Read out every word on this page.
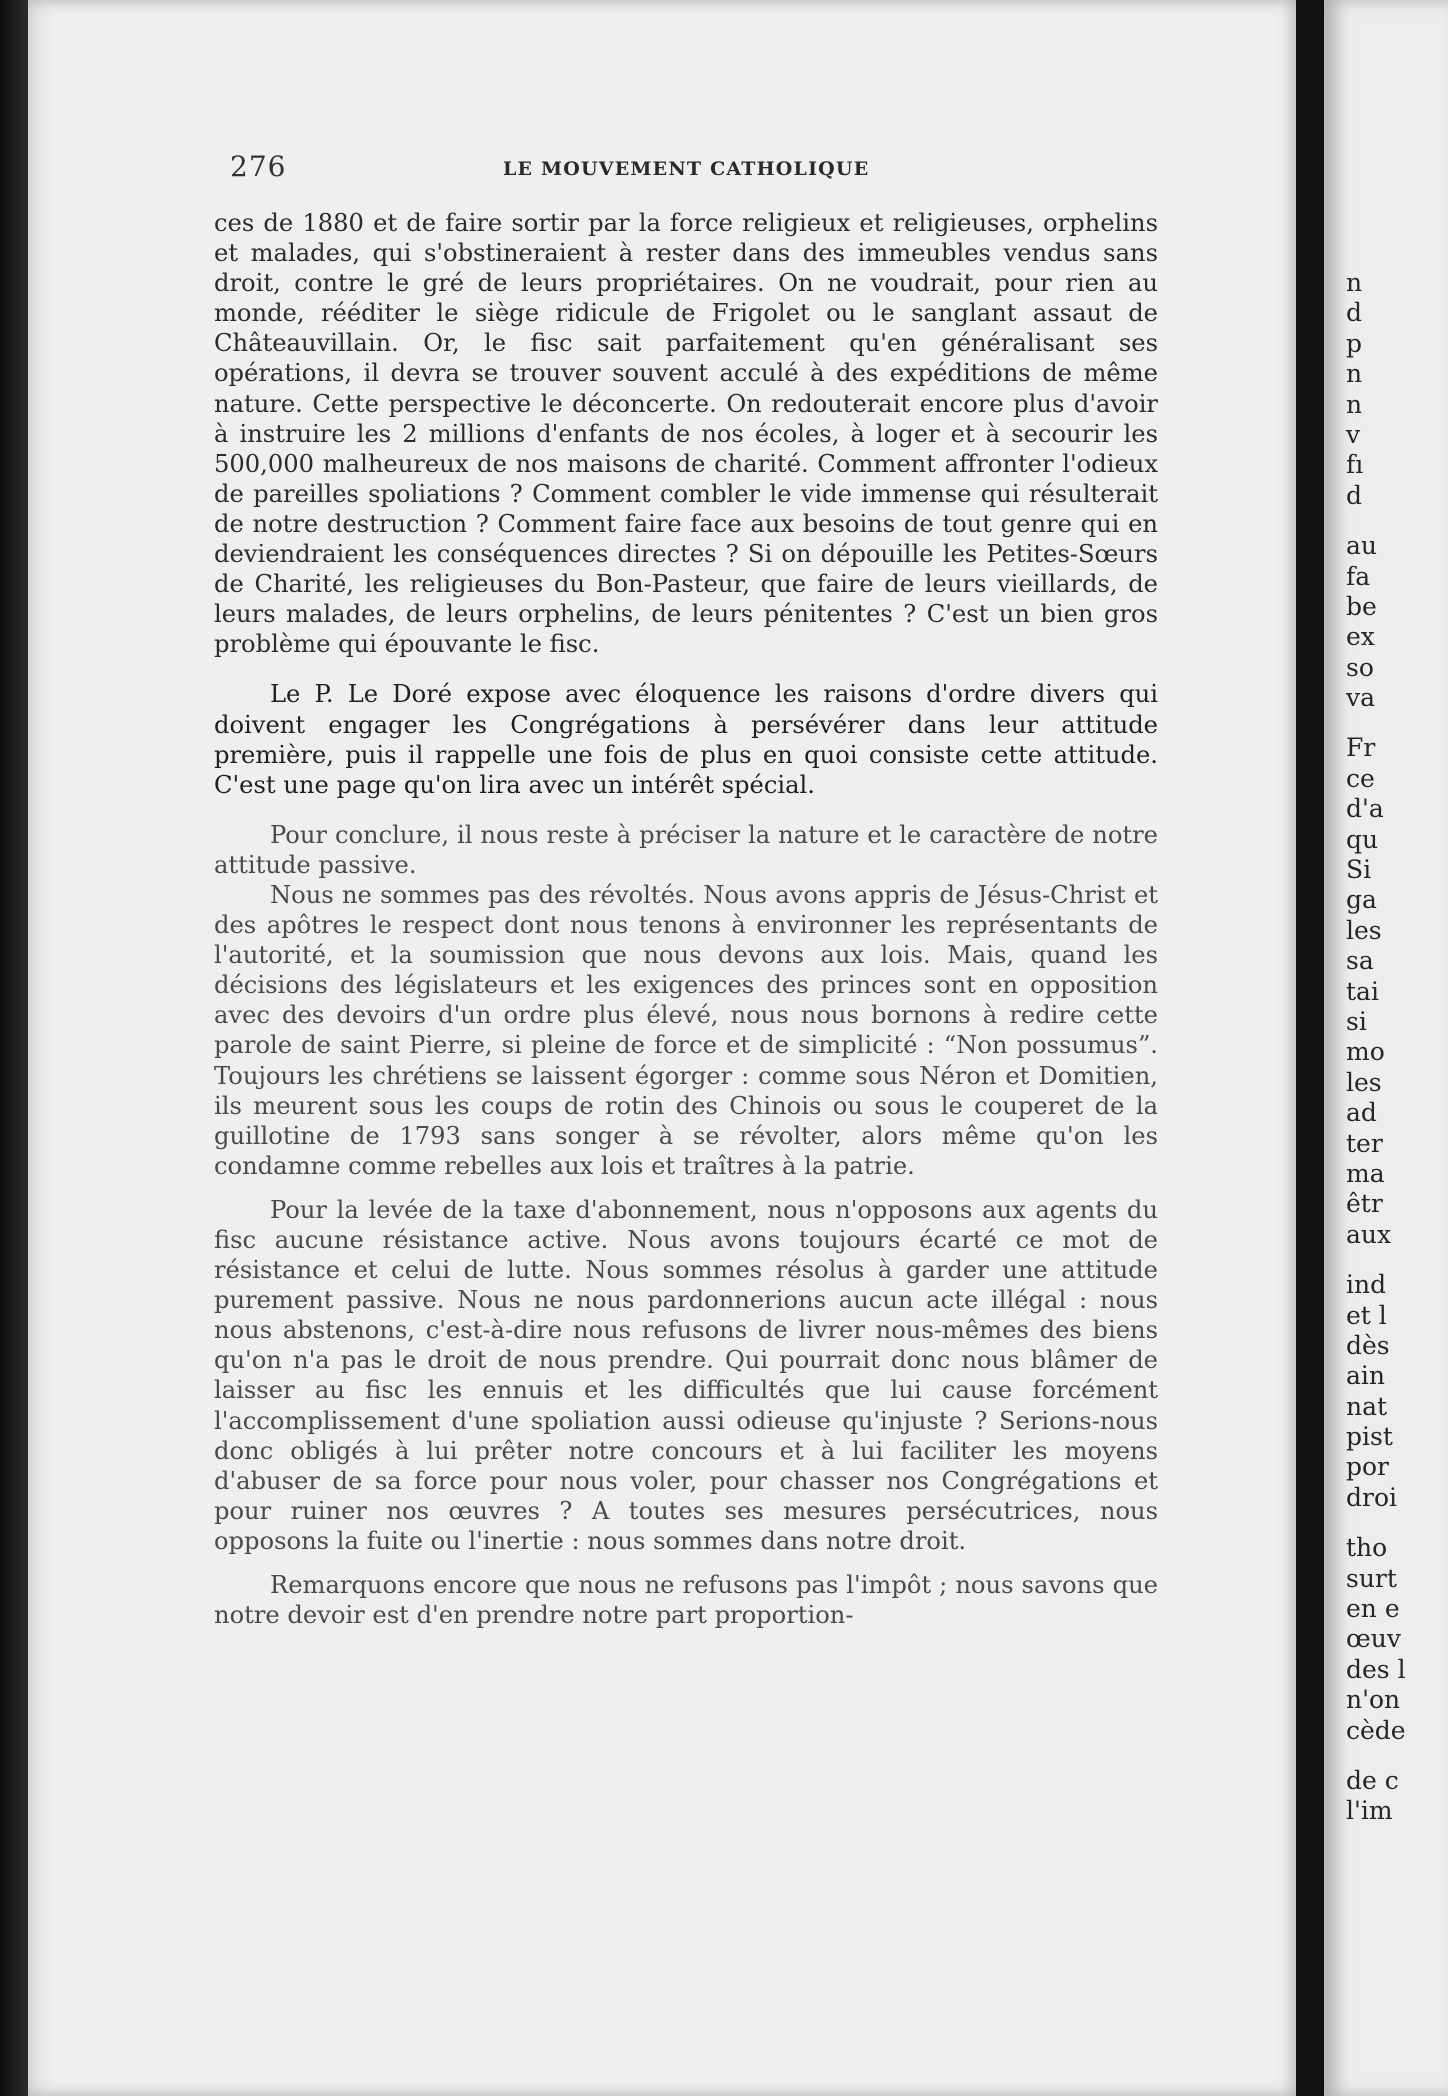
276	LE MOUVEMENT CATHOLIQUE

ces de 1880 et de faire sortir par la force religieux et religieuses, orphelins et malades, qui s'obstineraient à rester dans des immeubles vendus sans droit, contre le gré de leurs propriétaires. On ne voudrait, pour rien au monde, rééditer le siège ridicule de Frigolet ou le sanglant assaut de Châteauvillain. Or, le fisc sait parfaitement qu'en généralisant ses opérations, il devra se trouver souvent acculé à des expéditions de même nature. Cette perspective le déconcerte. On redouterait encore plus d'avoir à instruire les 2 millions d'enfants de nos écoles, à loger et à secourir les 500,000 malheureux de nos maisons de charité. Comment affronter l'odieux de pareilles spoliations ? Comment combler le vide immense qui résulterait de notre destruction ? Comment faire face aux besoins de tout genre qui en deviendraient les conséquences directes ? Si on dépouille les Petites-Sœurs de Charité, les religieuses du Bon-Pasteur, que faire de leurs vieillards, de leurs malades, de leurs orphelins, de leurs pénitentes ? C'est un bien gros problème qui épouvante le fisc.

Le P. Le Doré expose avec éloquence les raisons d'ordre divers qui doivent engager les Congrégations à persévérer dans leur attitude première, puis il rappelle une fois de plus en quoi consiste cette attitude. C'est une page qu'on lira avec un intérêt spécial.

Pour conclure, il nous reste à préciser la nature et le caractère de notre attitude passive.

Nous ne sommes pas des révoltés. Nous avons appris de Jésus-Christ et des apôtres le respect dont nous tenons à environner les représentants de l'autorité, et la soumission que nous devons aux lois. Mais, quand les décisions des législateurs et les exigences des princes sont en opposition avec des devoirs d'un ordre plus élevé, nous nous bornons à redire cette parole de saint Pierre, si pleine de force et de simplicité : “Non possumus”. Toujours les chrétiens se laissent égorger : comme sous Néron et Domitien, ils meurent sous les coups de rotin des Chinois ou sous le couperet de la guillotine de 1793 sans songer à se révolter, alors même qu'on les condamne comme rebelles aux lois et traîtres à la patrie.

Pour la levée de la taxe d'abonnement, nous n'opposons aux agents du fisc aucune résistance active. Nous avons toujours écarté ce mot de résistance et celui de lutte. Nous sommes résolus à garder une attitude purement passive. Nous ne nous pardonnerions aucun acte illégal : nous nous abstenons, c'est-à-dire nous refusons de livrer nous-mêmes des biens qu'on n'a pas le droit de nous prendre. Qui pourrait donc nous blâmer de laisser au fisc les ennuis et les difficultés que lui cause forcément l'accomplissement d'une spoliation aussi odieuse qu'injuste ? Serions-nous donc obligés à lui prêter notre concours et à lui faciliter les moyens d'abuser de sa force pour nous voler, pour chasser nos Congrégations et pour ruiner nos œuvres ? A toutes ses mesures persécutrices, nous opposons la fuite ou l'inertie : nous sommes dans notre droit.

Remarquons encore que nous ne refusons pas l'impôt ; nous savons que notre devoir est d'en prendre notre part proportion-

n
d
p
n
n
v
fı
d
au
fa
be
ex
so
va
Fr
ce
d'a
qu
Si
ga
les
sa
tai
si
mo
les
ad
ter
ma
êtr
aux
ind
et l
dès
ain
nat
pist
por
droi
tho
surt
en e
œuv
des l
n'on
cède
de c
l'im
